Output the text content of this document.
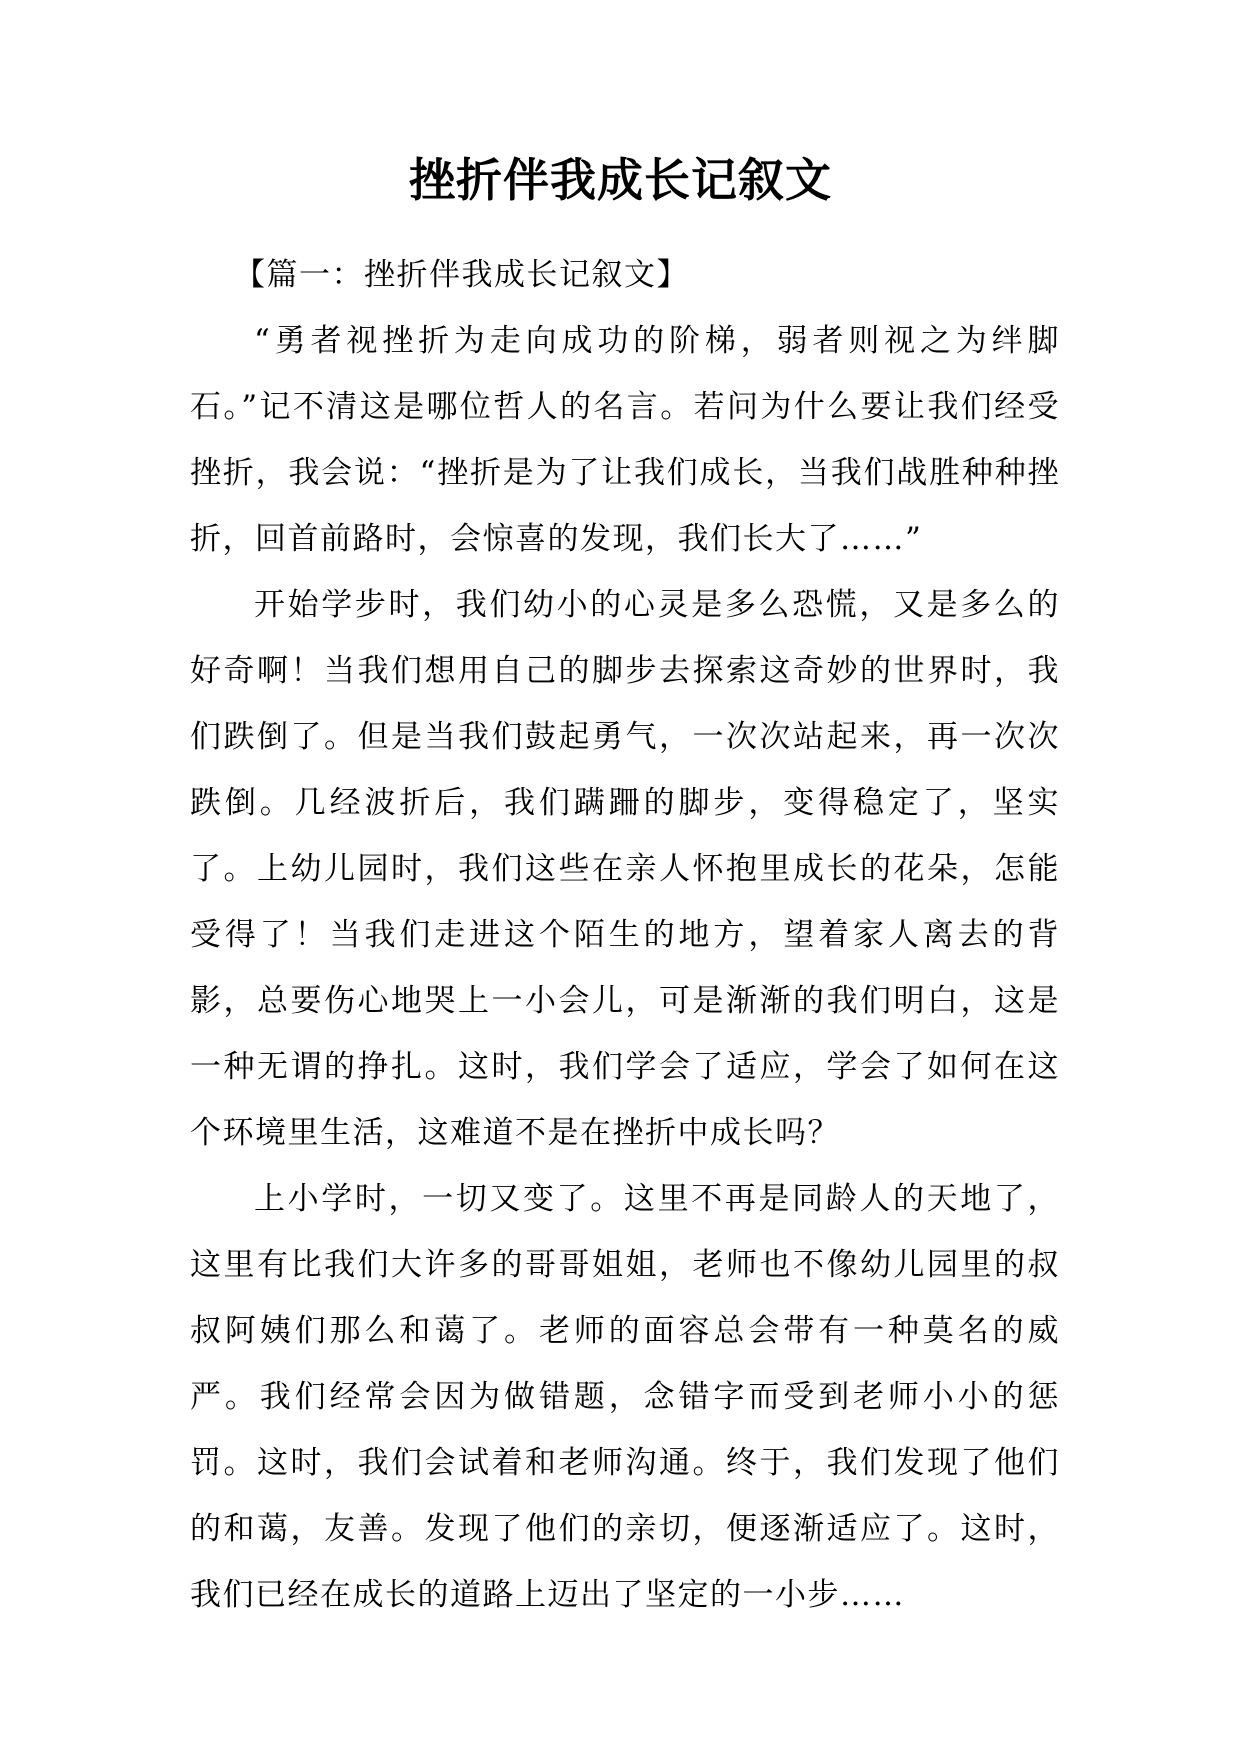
挫折伴我成长记叙文

【篇一：挫折伴我成长记叙文】

“勇者视挫折为走向成功的阶梯，弱者则视之为绊脚石。”记不清这是哪位哲人的名言。若问为什么要让我们经受挫折，我会说：“挫折是为了让我们成长，当我们战胜种种挫折，回首前路时，会惊喜的发现，我们长大了……”

开始学步时，我们幼小的心灵是多么恐慌，又是多么的好奇啊！当我们想用自己的脚步去探索这奇妙的世界时，我们跌倒了。但是当我们鼓起勇气，一次次站起来，再一次次跌倒。几经波折后，我们蹒跚的脚步，变得稳定了，坚实了。上幼儿园时，我们这些在亲人怀抱里成长的花朵，怎能受得了！当我们走进这个陌生的地方，望着家人离去的背影，总要伤心地哭上一小会儿，可是渐渐的我们明白，这是一种无谓的挣扎。这时，我们学会了适应，学会了如何在这个环境里生活，这难道不是在挫折中成长吗？

上小学时，一切又变了。这里不再是同龄人的天地了，这里有比我们大许多的哥哥姐姐，老师也不像幼儿园里的叔叔阿姨们那么和蔼了。老师的面容总会带有一种莫名的威严。我们经常会因为做错题，念错字而受到老师小小的惩罚。这时，我们会试着和老师沟通。终于，我们发现了他们的和蔼，友善。发现了他们的亲切，便逐渐适应了。这时，我们已经在成长的道路上迈出了坚定的一小步……
